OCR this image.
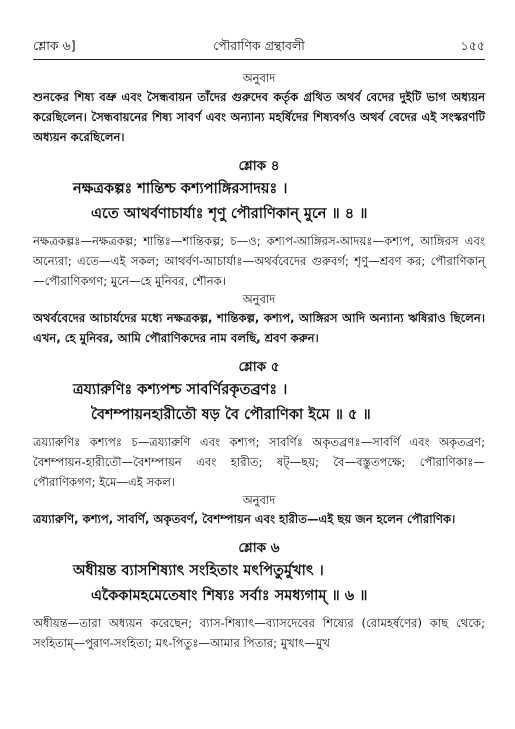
শ্লোক ৬]	পৌরাণিক গ্রন্থাবলী	১৫৫
অনুবাদ

শুনকের শিষ্য বভ্রু এবং সৈন্ধবায়ন তাঁদের গুরুদেব কর্তৃক গ্রথিত অথর্ব বেদের দুইটি ভাগ অধ্যয়ন করেছিলেন। সৈন্ধবায়নের শিষ্য সাবর্ণ এবং অন্যান্য মহর্ষিদের শিষ্যবর্গও অথর্ব বেদের এই সংস্করণটি অধ্যয়ন করেছিলেন।

শ্লোক ৪
নক্ষত্রকল্পঃ শান্তিশ্চ কশ্যপাঙ্গিরসাদয়ঃ ।
এতে আথর্বণাচার্যাঃ শৃণু পৌরাণিকান্ মুনে ॥ ৪ ॥

নক্ষত্রকল্পঃ—নক্ষত্রকল্প; শান্তিঃ—শান্তিকল্প; চ—ও; কশ্যপ-আঙ্গিরস-আদয়ঃ—কশ্যপ, আঙ্গিরস এবং অন্যেরা; এতে—এই সকল; আথর্বণ-আচার্যাঃ—অথর্ববেদের গুরুবর্গ; শৃণু—শ্রবণ কর; পৌরাণিকান্—পৌরাণিকগণ; মুনে—হে মুনিবর, শৌনক।

অনুবাদ

অথর্ববেদের আচার্যদের মধ্যে নক্ষত্রকল্প, শান্তিকল্প, কশ্যপ, আঙ্গিরস আদি অন্যান্য ঋষিরাও ছিলেন। এখন, হে মুনিবর, আমি পৌরাণিকদের নাম বলছি, শ্রবণ করুন।

শ্লোক ৫
ত্রয্যারুণিঃ কশ্যপশ্চ সাবর্ণিরকৃতব্রণঃ ।
বৈশম্পায়নহারীতৌ ষড় বৈ পৌরাণিকা ইমে ॥ ৫ ॥

ত্রয্যারুণিঃ কশ্যপঃ চ—ত্রয্যারুণি এবং কশ্যপ; সাবর্ণিঃ অকৃতব্রণঃ—সাবর্ণি এবং অকৃতব্রণ; বৈশম্পায়ন-হারীতৌ—বৈশম্পায়ন এবং হারীত; ষট্—ছয়; বৈ—বস্তুতপক্ষে; পৌরাণিকাঃ—পৌরাণিকগণ; ইমে—এই সকল।

অনুবাদ

ত্রয্যারুণি, কশ্যপ, সাবর্ণি, অকৃতবর্ণ, বৈশম্পায়ন এবং হারীত—এই ছয় জন হলেন পৌরাণিক।

শ্লোক ৬
অধীয়ন্ত ব্যাসশিষ্যাৎ সংহিতাং মৎপিতুর্মুখাৎ ।
একৈকামহমেতেষাং শিষ্যঃ সর্বাঃ সমধ্যগাম্ ॥ ৬ ॥

অধীয়ন্ত—তারা অধ্যয়ন করেছেন; ব্যাস-শিষ্যাৎ—ব্যাসদেবের শিষ্যের (রোমহর্ষণের) কাছ থেকে; সংহিতাম্—পুরাণ-সংহিতা; মৎ-পিতুঃ—আমার পিতার; মুখাৎ—মুখ
